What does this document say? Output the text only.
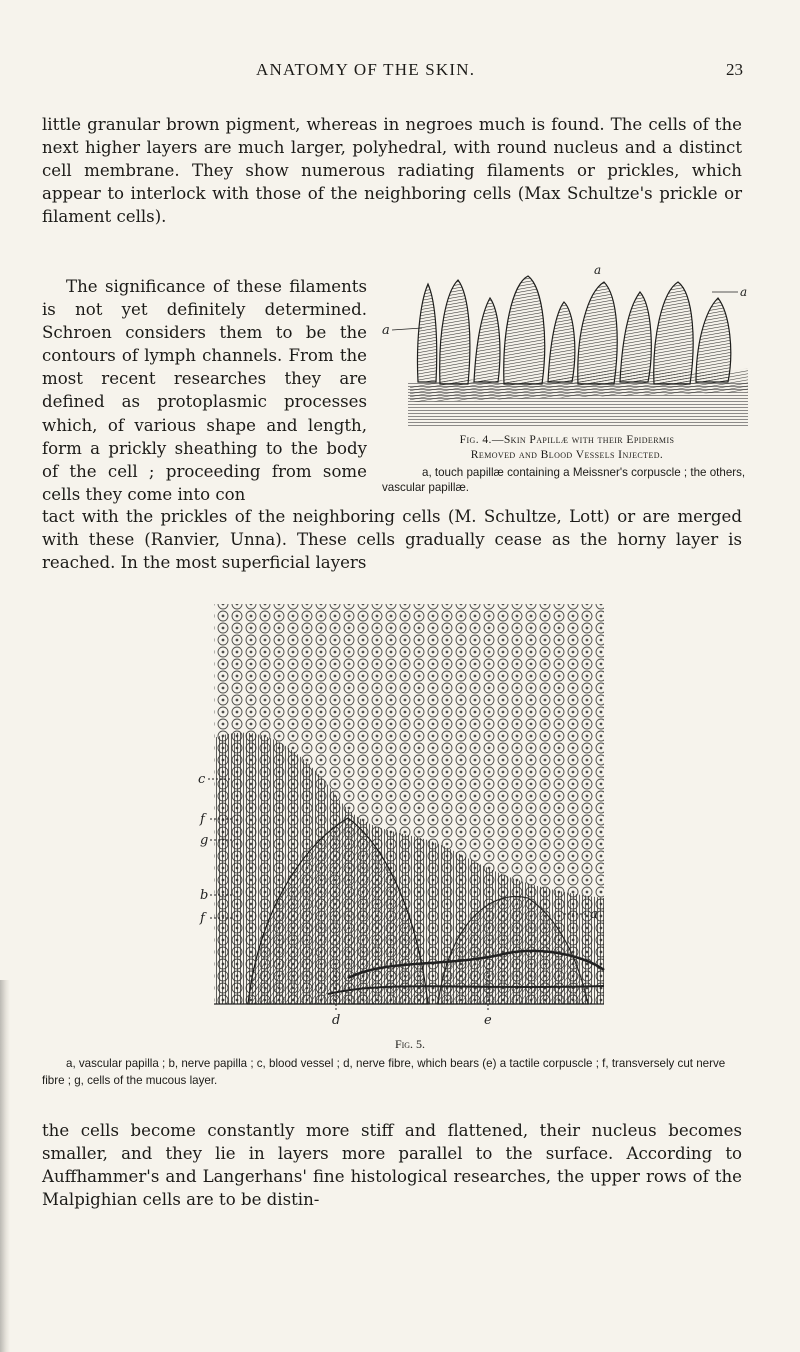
ANATOMY OF THE SKIN.	23

little granular brown pigment, whereas in negroes much is found. The cells of the next higher layers are much larger, polyhedral, with round nucleus and a distinct cell membrane. They show numerous radiating filaments or prickles, which appear to interlock with those of the neighboring cells (Max Schultze's prickle or filament cells).

The significance of these filaments is not yet definitely determined. Schroen considers them to be the contours of lymph channels. From the most recent researches they are defined as protoplasmic processes which, of various shape and length, form a prickly sheathing to the body of the cell ; proceeding from some cells they come into con

tact with the prickles of the neighboring cells (M. Schultze, Lott) or are merged with these (Ranvier, Unna). These cells gradually cease as the horny layer is reached. In the most superficial layers

a
a
a
Fig. 4.—Skin Papillæ with their Epidermis
Removed and Blood Vessels Injected.
a, touch papillæ containing a Meissner's corpuscle ; the others, vascular papillæ.
c
f
g
b
f	a
d	e
Fig. 5.
a, vascular papilla ; b, nerve papilla ; c, blood vessel ; d, nerve fibre, which bears (e) a tactile corpuscle ; f, transversely cut nerve fibre ; g, cells of the mucous layer.

the cells become constantly more stiff and flattened, their nucleus becomes smaller, and they lie in layers more parallel to the surface. According to Auffhammer's and Langerhans' fine histological researches, the upper rows of the Malpighian cells are to be distin-
